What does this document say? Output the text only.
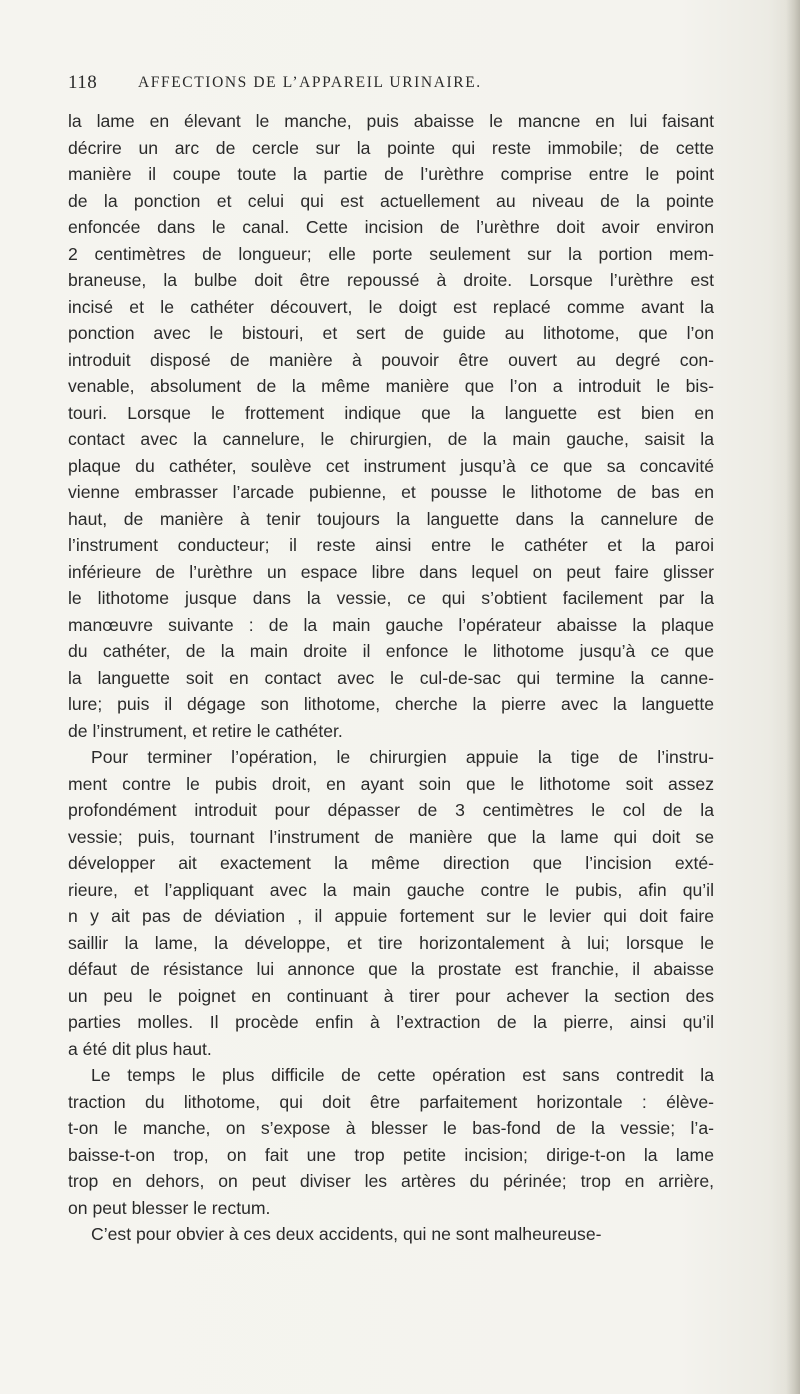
118	AFFECTIONS DE L’APPAREIL URINAIRE.
la lame en élevant le manche, puis abaisse le mancne en lui faisant
décrire un arc de cercle sur la pointe qui reste immobile; de cette
manière il coupe toute la partie de l’urèthre comprise entre le point
de la ponction et celui qui est actuellement au niveau de la pointe
enfoncée dans le canal. Cette incision de l’urèthre doit avoir environ
2 centimètres de longueur; elle porte seulement sur la portion mem-
braneuse, la bulbe doit être repoussé à droite. Lorsque l’urèthre est
incisé et le cathéter découvert, le doigt est replacé comme avant la
ponction avec le bistouri, et sert de guide au lithotome, que l’on
introduit disposé de manière à pouvoir être ouvert au degré con-
venable, absolument de la même manière que l’on a introduit le bis-
touri. Lorsque le frottement indique que la languette est bien en
contact avec la cannelure, le chirurgien, de la main gauche, saisit la
plaque du cathéter, soulève cet instrument jusqu’à ce que sa concavité
vienne embrasser l’arcade pubienne, et pousse le lithotome de bas en
haut, de manière à tenir toujours la languette dans la cannelure de
l’instrument conducteur; il reste ainsi entre le cathéter et la paroi
inférieure de l’urèthre un espace libre dans lequel on peut faire glisser
le lithotome jusque dans la vessie, ce qui s’obtient facilement par la
manœuvre suivante : de la main gauche l’opérateur abaisse la plaque
du cathéter, de la main droite il enfonce le lithotome jusqu’à ce que
la languette soit en contact avec le cul-de-sac qui termine la canne-
lure; puis il dégage son lithotome, cherche la pierre avec la languette
de l’instrument, et retire le cathéter.
Pour terminer l’opération, le chirurgien appuie la tige de l’instru-
ment contre le pubis droit, en ayant soin que le lithotome soit assez
profondément introduit pour dépasser de 3 centimètres le col de la
vessie; puis, tournant l’instrument de manière que la lame qui doit se
développer ait exactement la même direction que l’incision exté-
rieure, et l’appliquant avec la main gauche contre le pubis, afin qu’il
n y ait pas de déviation , il appuie fortement sur le levier qui doit faire
saillir la lame, la développe, et tire horizontalement à lui; lorsque le
défaut de résistance lui annonce que la prostate est franchie, il abaisse
un peu le poignet en continuant à tirer pour achever la section des
parties molles. Il procède enfin à l’extraction de la pierre, ainsi qu’il
a été dit plus haut.
Le temps le plus difficile de cette opération est sans contredit la
traction du lithotome, qui doit être parfaitement horizontale : élève-
t-on le manche, on s’expose à blesser le bas-fond de la vessie; l’a-
baisse-t-on trop, on fait une trop petite incision; dirige-t-on la lame
trop en dehors, on peut diviser les artères du périnée; trop en arrière,
on peut blesser le rectum.
C’est pour obvier à ces deux accidents, qui ne sont malheureuse-
